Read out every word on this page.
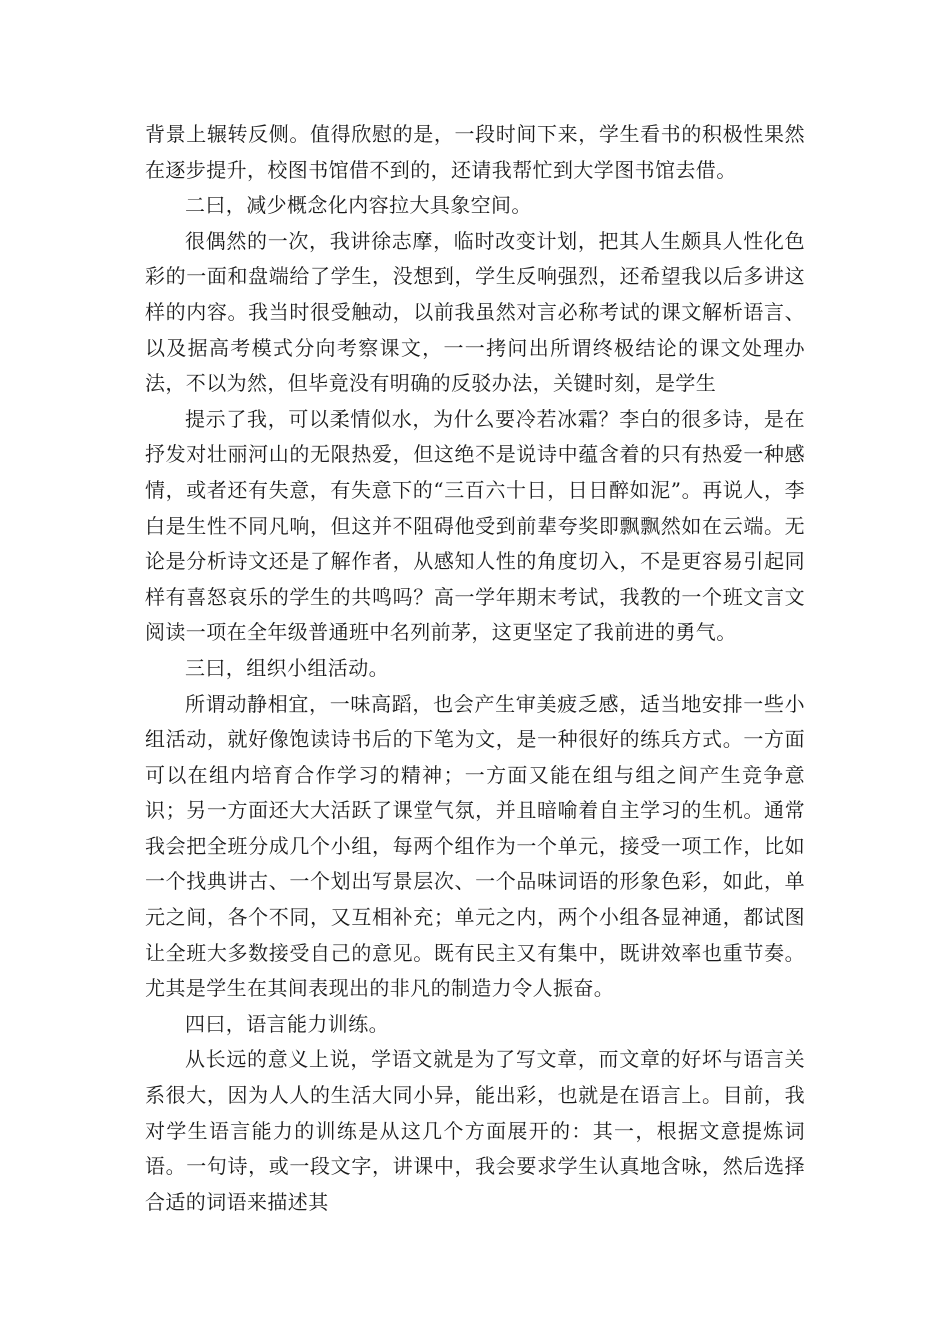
背景上辗转反侧。值得欣慰的是，一段时间下来，学生看书的积极性果然在逐步提升，校图书馆借不到的，还请我帮忙到大学图书馆去借。

二曰，减少概念化内容拉大具象空间。

很偶然的一次，我讲徐志摩，临时改变计划，把其人生颇具人性化色彩的一面和盘端给了学生，没想到，学生反响强烈，还希望我以后多讲这样的内容。我当时很受触动，以前我虽然对言必称考试的课文解析语言、以及据高考模式分向考察课文，一一拷问出所谓终极结论的课文处理办法，不以为然，但毕竟没有明确的反驳办法，关键时刻，是学生

提示了我，可以柔情似水，为什么要冷若冰霜？李白的很多诗，是在抒发对壮丽河山的无限热爱，但这绝不是说诗中蕴含着的只有热爱一种感情，或者还有失意，有失意下的“三百六十日，日日醉如泥”。再说人，李白是生性不同凡响，但这并不阻碍他受到前辈夸奖即飘飘然如在云端。无论是分析诗文还是了解作者，从感知人性的角度切入，不是更容易引起同样有喜怒哀乐的学生的共鸣吗？高一学年期末考试，我教的一个班文言文阅读一项在全年级普通班中名列前茅，这更坚定了我前进的勇气。

三曰，组织小组活动。

所谓动静相宜，一味高蹈，也会产生审美疲乏感，适当地安排一些小组活动，就好像饱读诗书后的下笔为文，是一种很好的练兵方式。一方面可以在组内培育合作学习的精神；一方面又能在组与组之间产生竞争意识；另一方面还大大活跃了课堂气氛，并且暗喻着自主学习的生机。通常我会把全班分成几个小组，每两个组作为一个单元，接受一项工作，比如一个找典讲古、一个划出写景层次、一个品味词语的形象色彩，如此，单元之间，各个不同，又互相补充；单元之内，两个小组各显神通，都试图让全班大多数接受自己的意见。既有民主又有集中，既讲效率也重节奏。尤其是学生在其间表现出的非凡的制造力令人振奋。

四曰，语言能力训练。

从长远的意义上说，学语文就是为了写文章，而文章的好坏与语言关系很大，因为人人的生活大同小异，能出彩，也就是在语言上。目前，我对学生语言能力的训练是从这几个方面展开的：其一，根据文意提炼词语。一句诗，或一段文字，讲课中，我会要求学生认真地含咏，然后选择合适的词语来描述其
